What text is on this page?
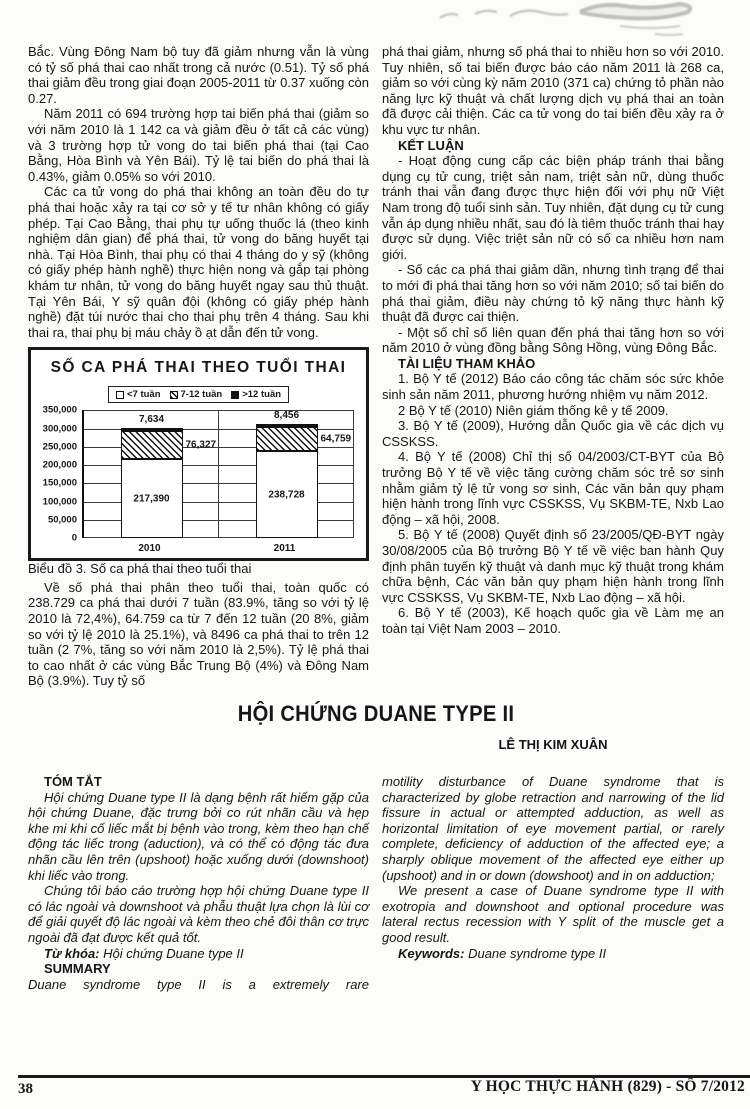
Bắc. Vùng Đông Nam bộ tuy đã giảm nhưng vẫn là vùng có tỷ số phá thai cao nhất trong cả nước (0.51). Tỷ số phá thai giảm đều trong giai đoạn 2005-2011 từ 0.37 xuống còn 0.27.

Năm 2011 có 694 trường hợp tai biến phá thai (giảm so với năm 2010 là 1 142 ca và giảm đều ở tất cả các vùng) và 3 trường hợp tử vong do tai biến phá thai (tại Cao Bằng, Hòa Bình và Yên Bái). Tỷ lệ tai biến do phá thai là 0.43%, giảm 0.05% so với 2010.

Các ca tử vong do phá thai không an toàn đều do tự phá thai hoặc xảy ra tại cơ sở y tế tư nhân không có giấy phép. Tại Cao Bằng, thai phụ tự uống thuốc lá (theo kinh nghiệm dân gian) để phá thai, tử vong do băng huyết tại nhà. Tại Hòa Bình, thai phụ có thai 4 tháng do y sỹ (không có giấy phép hành nghề) thực hiện nong và gắp tại phòng khám tư nhân, tử vong do băng huyết ngay sau thủ thuật. Tại Yên Bái, Y sỹ quân đội (không có giấy phép hành nghề) đặt túi nước thai cho thai phụ trên 4 tháng. Sau khi thai ra, thai phụ bị máu chảy ồ ạt dẫn đến tử vong.

SỐ CA PHÁ THAI THEO TUỔI THAI
<7 tuần 7-12 tuần >12 tuần
350,000
300,000
250,000
200,000
150,000
100,000
50,000
0
217,390
76,327
7,634
238,728
64,759
8,456
2010	2011

Biểu đồ 3. Số ca phá thai theo tuổi thai

Về số phá thai phân theo tuổi thai, toàn quốc có 238.729 ca phá thai dưới 7 tuần (83.9%, tăng so với tỷ lệ 2010 là 72,4%), 64.759 ca từ 7 đến 12 tuần (20 8%, giảm so với tỷ lệ 2010 là 25.1%), và 8496 ca phá thai to trên 12 tuần (2 7%, tăng so với năm 2010 là 2,5%). Tỷ lệ phá thai to cao nhất ở các vùng Bắc Trung Bộ (4%) và Đông Nam Bộ (3.9%). Tuy tỷ số

phá thai giảm, nhưng số phá thai to nhiều hơn so với 2010. Tuy nhiên, số tai biến được báo cáo năm 2011 là 268 ca, giảm so với cùng kỳ năm 2010 (371 ca) chứng tỏ phần nào năng lực kỹ thuật và chất lượng dịch vụ phá thai an toàn đã được cải thiện. Các ca tử vong do tai biến đều xảy ra ở khu vực tư nhân.

KẾT LUẬN

- Hoạt động cung cấp các biện pháp tránh thai bằng dụng cụ tử cung, triệt sản nam, triệt sản nữ, dùng thuốc tránh thai vẫn đang được thực hiện đối với phụ nữ Việt Nam trong độ tuổi sinh sản. Tuy nhiên, đặt dụng cụ tử cung vẫn áp dụng nhiều nhất, sau đó là tiêm thuốc tránh thai hay được sử dụng. Việc triệt sản nữ có số ca nhiều hơn nam giới.

- Số các ca phá thai giảm dần, nhưng tình trạng để thai to mới đi phá thai tăng hơn so với năm 2010; số tai biến do phá thai giảm, điều này chứng tỏ kỹ năng thực hành kỹ thuật đã được cai thiện.

- Một số chỉ số liên quan đến phá thai tăng hơn so với năm 2010 ở vùng đồng bằng Sông Hồng, vùng Đông Bắc.

TÀI LIỆU THAM KHẢO

1. Bộ Y tế (2012) Báo cáo công tác chăm sóc sức khỏe sinh sản năm 2011, phương hướng nhiệm vụ năm 2012.

2 Bộ Y tế (2010) Niên giám thống kê y tế 2009.

3. Bộ Y tế (2009), Hướng dẫn Quốc gia về các dịch vụ CSSKSS.

4. Bộ Y tế (2008) Chỉ thị số 04/2003/CT-BYT của Bộ trưởng Bộ Y tế về việc tăng cường chăm sóc trẻ sơ sinh nhằm giảm tỷ lệ tử vong sơ sinh, Các văn bản quy phạm hiện hành trong lĩnh vực CSSKSS, Vụ SKBM-TE, Nxb Lao động – xã hội, 2008.

5. Bộ Y tế (2008) Quyết định số 23/2005/QĐ-BYT ngày 30/08/2005 của Bộ trưởng Bộ Y tế về việc ban hành Quy định phân tuyến kỹ thuật và danh mục kỹ thuật trong khám chữa bệnh, Các văn bản quy phạm hiện hành trong lĩnh vực CSSKSS, Vụ SKBM-TE, Nxb Lao động – xã hội.

6. Bộ Y tế (2003), Kế hoạch quốc gia về Làm mẹ an toàn tại Việt Nam 2003 – 2010.

HỘI CHỨNG DUANE TYPE II
LÊ THỊ KIM XUÂN

TÓM TẮT

Hội chứng Duane type II là dạng bệnh rất hiếm gặp của hội chứng Duane, đặc trưng bởi co rút nhãn cầu và hẹp khe mi khi cố liếc mắt bị bệnh vào trong, kèm theo hạn chế động tác liếc trong (aduction), và có thể có động tác đưa nhãn cầu lên trên (upshoot) hoặc xuống dưới (downshoot) khi liếc vào trong.

Chúng tôi báo cáo trường hợp hội chứng Duane type II có lác ngoài và downshoot và phẫu thuật lựa chọn là lùi cơ để giải quyết độ lác ngoài và kèm theo chẻ đôi thân cơ trực ngoài đã đạt được kết quả tốt.

Từ khóa: Hội chứng Duane type II

SUMMARY

Duane syndrome type II is a extremely rare

motility disturbance of Duane syndrome that is characterized by globe retraction and narrowing of the lid fissure in actual or attempted adduction, as well as horizontal limitation of eye movement partial, or rarely complete, deficiency of adduction of the affected eye; a sharply oblique movement of the affected eye either up (upshoot) and in or down (dowshoot) and in on adduction;

We present a case of Duane syndrome type II with exotropia and downshoot and optional procedure was lateral rectus recession with Y split of the muscle get a good result.

Keywords: Duane syndrome type II

38	Y HỌC THỰC HÀNH (829) - SỐ 7/2012
